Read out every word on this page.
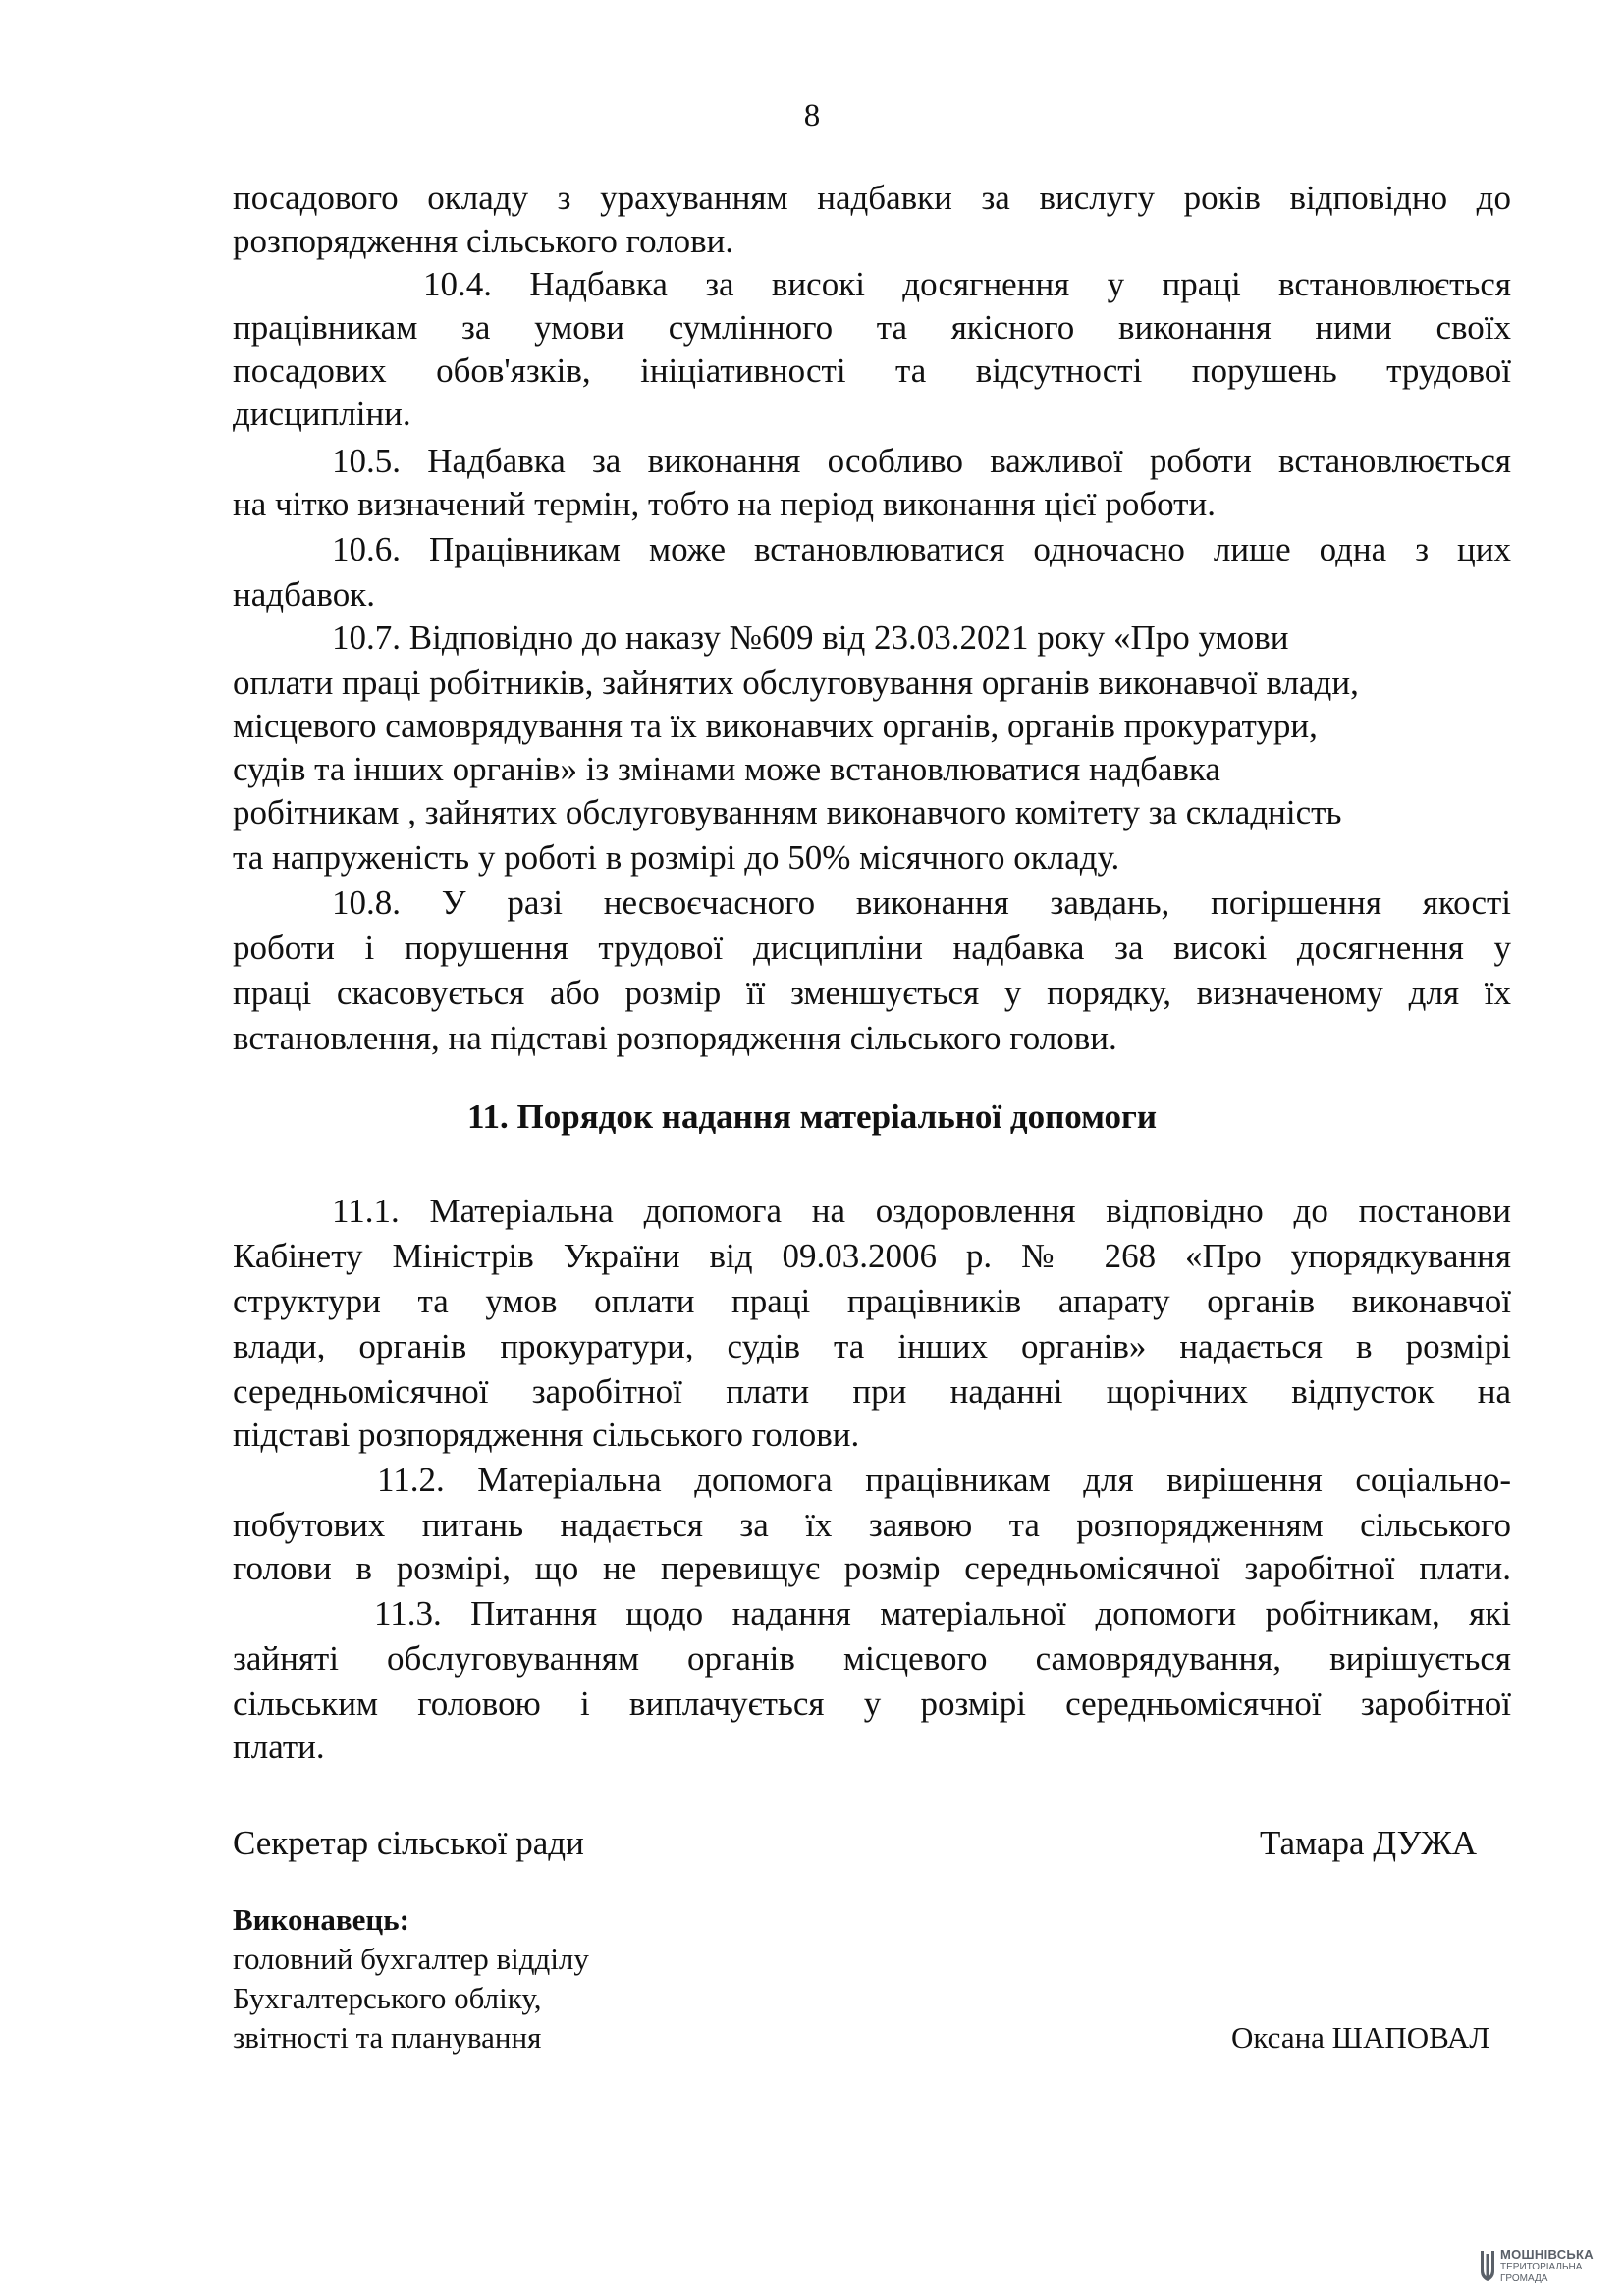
8
посадового окладу з урахуванням надбавки за вислугу років відповідно до
розпорядження сільського голови.
10.4. Надбавка за високі досягнення у праці встановлюється
працівникам за умови сумлінного та якісного виконання ними своїх
посадових обов'язків, ініціативності та відсутності порушень трудової
дисципліни.
10.5. Надбавка за виконання особливо важливої роботи встановлюється
на чітко визначений термін, тобто на період виконання цієї роботи.
10.6. Працівникам може встановлюватися одночасно лише одна з цих
надбавок.
10.7. Відповідно до наказу №609 від 23.03.2021 року «Про умови
оплати праці робітників, зайнятих обслуговування органів виконавчої влади,
місцевого самоврядування та їх виконавчих органів, органів прокуратури,
судів та інших органів» із змінами може встановлюватися надбавка
робітникам , зайнятих обслуговуванням виконавчого комітету за складність
та напруженість у роботі в розмірі до 50% місячного окладу.
10.8. У разі несвоєчасного виконання завдань, погіршення якості
роботи і порушення трудової дисципліни надбавка за високі досягнення у
праці скасовується або розмір її зменшується у порядку, визначеному для їх
встановлення, на підставі розпорядження сільського голови.
11. Порядок надання матеріальної допомоги
11.1. Матеріальна допомога на оздоровлення відповідно до постанови
Кабінету Міністрів України від 09.03.2006 р. № 268 «Про упорядкування
структури та умов оплати праці працівників апарату органів виконавчої
влади, органів прокуратури, судів та інших органів» надається в розмірі
середньомісячної заробітної плати при наданні щорічних відпусток на
підставі розпорядження сільського голови.
11.2. Матеріальна допомога працівникам для вирішення соціально-
побутових питань надається за їх заявою та розпорядженням сільського
голови в розмірі, що не перевищує розмір середньомісячної заробітної плати.
11.3. Питання щодо надання матеріальної допомоги робітникам, які
зайняті обслуговуванням органів місцевого самоврядування, вирішується
сільським головою і виплачується у розмірі середньомісячної заробітної
плати.
Секретар сільської ради	Тамара ДУЖА
Виконавець:
головний бухгалтер відділу
Бухгалтерського обліку,
звітності та планування	Оксана ШАПОВАЛ
МОШНІВСЬКА
ТЕРИТОРІАЛЬНА
ГРОМАДА
